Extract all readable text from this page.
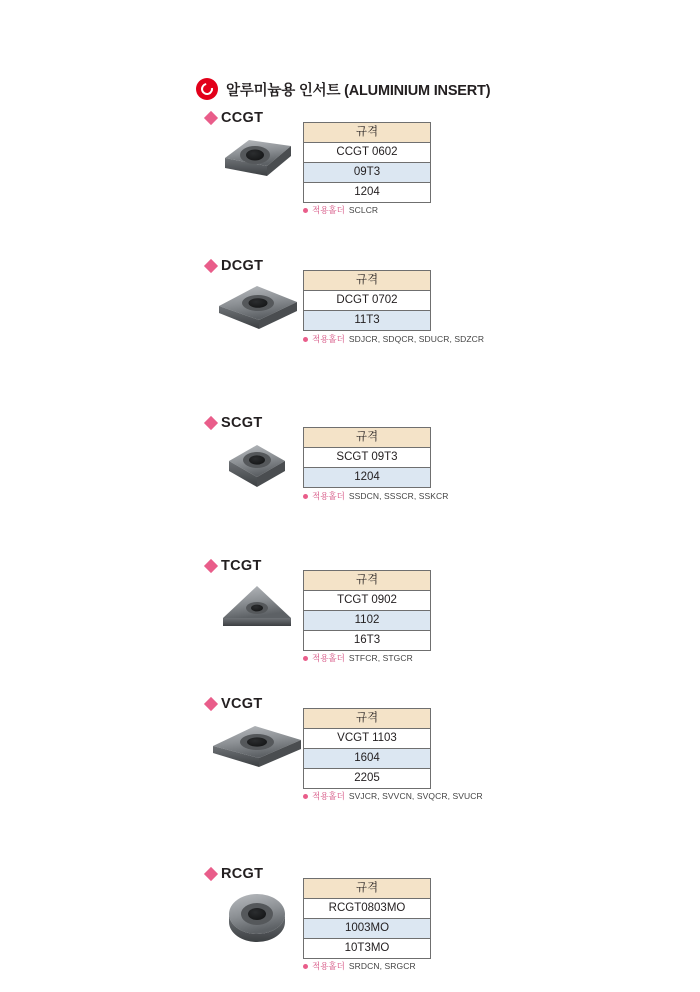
알루미늄용 인서트 (ALUMINIUM INSERT)
CCGT
규격
CCGT 0602
09T3
1204
적용홀더 SCLCR
DCGT
규격
DCGT 0702
11T3
적용홀더 SDJCR, SDQCR, SDUCR, SDZCR
SCGT
규격
SCGT 09T3
1204
적용홀더 SSDCN, SSSCR, SSKCR
TCGT
규격
TCGT 0902
1102
16T3
적용홀더 STFCR, STGCR
VCGT
규격
VCGT 1103
1604
2205
적용홀더 SVJCR, SVVCN, SVQCR, SVUCR
RCGT
규격
RCGT0803MO
1003MO
10T3MO
적용홀더 SRDCN, SRGCR
